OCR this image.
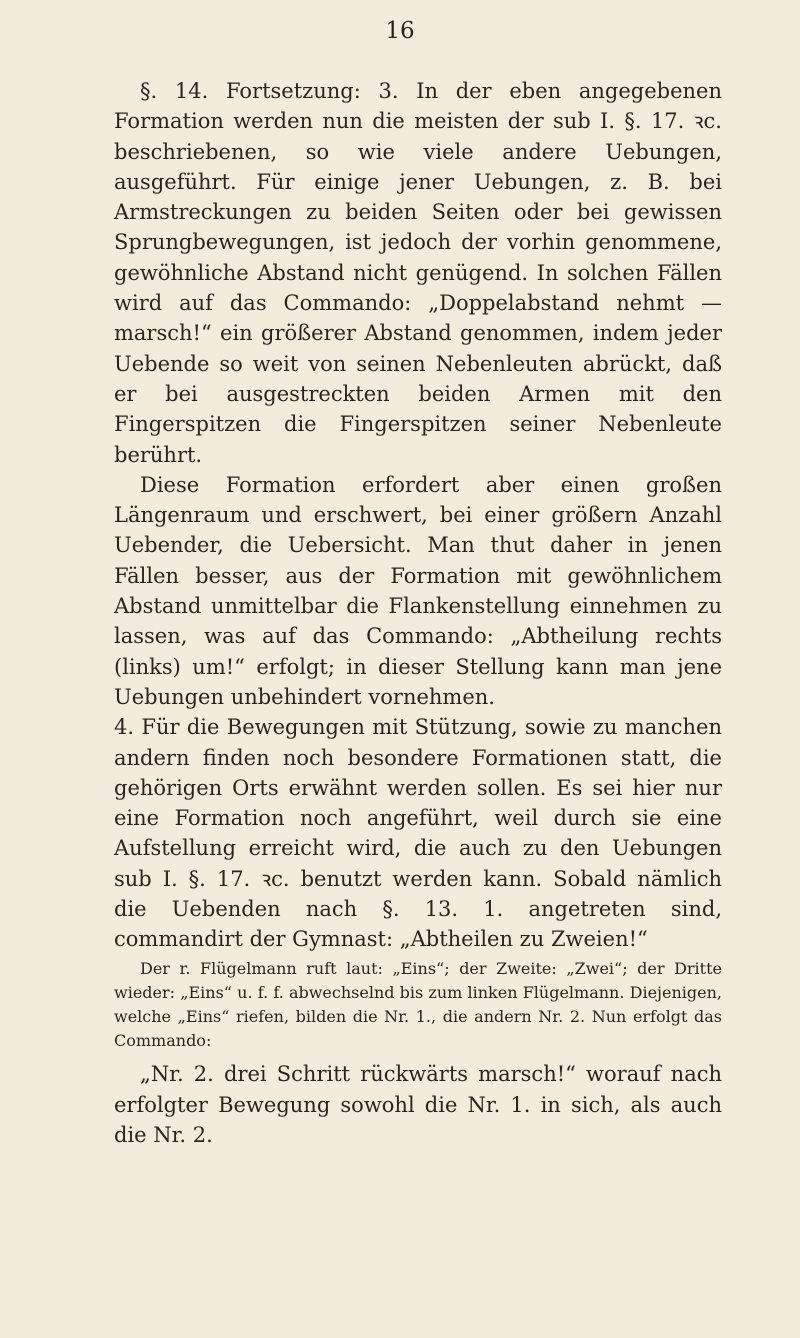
16

§. 14. Fortsetzung: 3. In der eben angegebenen Formation werden nun die meisten der sub I. §. 17. ꝛc. beschriebenen, so wie viele andere Uebungen, ausgeführt. Für einige jener Uebungen, z. B. bei Armstreckungen zu beiden Seiten oder bei gewissen Sprungbewegungen, ist jedoch der vorhin genommene, gewöhnliche Abstand nicht genügend. In solchen Fällen wird auf das Commando: „Doppelabstand nehmt — marsch!“ ein größerer Abstand genommen, indem jeder Uebende so weit von seinen Nebenleuten abrückt, daß er bei ausgestreckten beiden Armen mit den Fingerspitzen die Fingerspitzen seiner Nebenleute berührt.

Diese Formation erfordert aber einen großen Längenraum und erschwert, bei einer größern Anzahl Uebender, die Uebersicht. Man thut daher in jenen Fällen besser, aus der Formation mit gewöhnlichem Abstand unmittelbar die Flankenstellung einnehmen zu lassen, was auf das Commando: „Abtheilung rechts (links) um!“ erfolgt; in dieser Stellung kann man jene Uebungen unbehindert vornehmen.

4. Für die Bewegungen mit Stützung, sowie zu manchen andern finden noch besondere Formationen statt, die gehörigen Orts erwähnt werden sollen. Es sei hier nur eine Formation noch angeführt, weil durch sie eine Aufstellung erreicht wird, die auch zu den Uebungen sub I. §. 17. ꝛc. benutzt werden kann. Sobald nämlich die Uebenden nach §. 13. 1. angetreten sind, commandirt der Gymnast: „Abtheilen zu Zweien!“

Der r. Flügelmann ruft laut: „Eins“; der Zweite: „Zwei“; der Dritte wieder: „Eins“ u. f. f. abwechselnd bis zum linken Flügelmann. Diejenigen, welche „Eins“ riefen, bilden die Nr. 1., die andern Nr. 2. Nun erfolgt das Commando:

„Nr. 2. drei Schritt rückwärts marsch!“ worauf nach erfolgter Bewegung sowohl die Nr. 1. in sich, als auch die Nr. 2.
